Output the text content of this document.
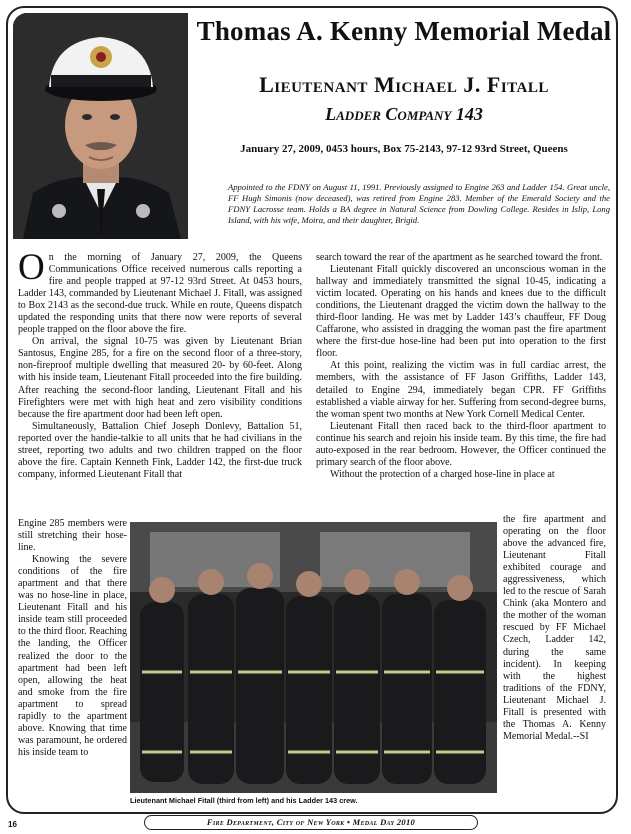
Thomas A. Kenny Memorial Medal
Lieutenant Michael J. Fitall
Ladder Company 143
January 27, 2009, 0453 hours, Box 75-2143, 97-12 93rd Street, Queens
Appointed to the FDNY on August 11, 1991. Previously assigned to Engine 263 and Ladder 154. Great uncle, FF Hugh Simonis (now deceased), was retired from Engine 283. Member of the Emerald Society and the FDNY Lacrosse team. Holds a BA degree in Natural Science from Dowling College. Resides in Islip, Long Island, with his wife, Moira, and their daughter, Brigid.

On the morning of January 27, 2009, the Queens Communications Office received numerous calls reporting a fire and people trapped at 97-12 93rd Street. At 0453 hours, Ladder 143, commanded by Lieutenant Michael J. Fitall, was assigned to Box 2143 as the second-due truck. While en route, Queens dispatch updated the responding units that there now were reports of several people trapped on the floor above the fire.

On arrival, the signal 10-75 was given by Lieutenant Brian Santosus, Engine 285, for a fire on the second floor of a three-story, non-fireproof multiple dwelling that measured 20- by 60-feet. Along with his inside team, Lieutenant Fitall proceeded into the fire building. After reaching the second-floor landing, Lieutenant Fitall and his Firefighters were met with high heat and zero visibility conditions because the fire apartment door had been left open.

Simultaneously, Battalion Chief Joseph Donlevy, Battalion 51, reported over the handie-talkie to all units that he had civilians in the street, reporting two adults and two children trapped on the floor above the fire. Captain Kenneth Fink, Ladder 142, the first-due truck company, informed Lieutenant Fitall that

Engine 285 members were still stretching their hose-line.

Knowing the severe conditions of the fire apartment and that there was no hose-line in place, Lieutenant Fitall and his inside team still proceeded to the third floor. Reaching the landing, the Officer realized the door to the apartment had been left open, allowing the heat and smoke from the fire apartment to spread rapidly to the apartment above. Knowing that time was paramount, he ordered his inside team to

search toward the rear of the apartment as he searched toward the front.

Lieutenant Fitall quickly discovered an unconscious woman in the hallway and immediately transmitted the signal 10-45, indicating a victim located. Operating on his hands and knees due to the difficult conditions, the Lieutenant dragged the victim down the hallway to the third-floor landing. He was met by Ladder 143’s chauffeur, FF Doug Caffarone, who assisted in dragging the woman past the fire apartment where the first-due hose-line had been put into operation to the first floor.

At this point, realizing the victim was in full cardiac arrest, the members, with the assistance of FF Jason Griffiths, Ladder 143, detailed to Engine 294, immediately began CPR. FF Griffiths established a viable airway for her. Suffering from second-degree burns, the woman spent two months at New York Cornell Medical Center.

Lieutenant Fitall then raced back to the third-floor apartment to continue his search and rejoin his inside team. By this time, the fire had auto-exposed in the rear bedroom. However, the Officer continued the primary search of the floor above.

Without the protection of a charged hose-line in place at

the fire apartment and operating on the floor above the advanced fire, Lieutenant Fitall exhibited courage and aggressiveness, which led to the rescue of Sarah Chink (aka Montero and the mother of the woman rescued by FF Michael Czech, Ladder 142, during the same incident). In keeping with the highest traditions of the FDNY, Lieutenant Michael J. Fitall is presented with the Thomas A. Kenny Memorial Medal.--SI

Lieutenant Michael Fitall (third from left) and his Ladder 143 crew.
16	Fire Department, City of New York • Medal Day 2010
